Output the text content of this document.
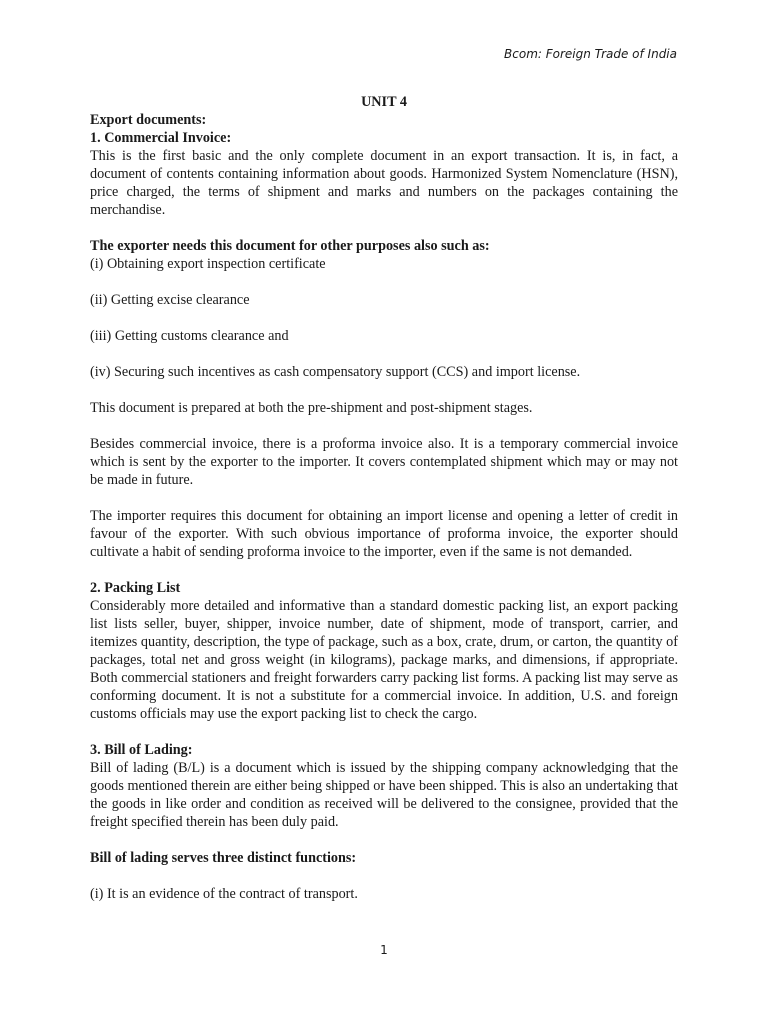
Bcom: Foreign Trade of India

UNIT 4

Export documents:

1. Commercial Invoice:

This is the first basic and the only complete document in an export transaction. It is, in fact, a document of contents containing information about goods. Harmonized System Nomenclature (HSN), price charged, the terms of shipment and marks and numbers on the packages containing the merchandise.

The exporter needs this document for other purposes also such as:

(i) Obtaining export inspection certificate

(ii) Getting excise clearance

(iii) Getting customs clearance and

(iv) Securing such incentives as cash compensatory support (CCS) and import license.

This document is prepared at both the pre-shipment and post-shipment stages.

Besides commercial invoice, there is a proforma invoice also. It is a temporary commercial invoice which is sent by the exporter to the importer. It covers contemplated shipment which may or may not be made in future.

The importer requires this document for obtaining an import license and opening a letter of credit in favour of the exporter. With such obvious importance of proforma invoice, the exporter should cultivate a habit of sending proforma invoice to the importer, even if the same is not demanded.

2. Packing List

Considerably more detailed and informative than a standard domestic packing list, an export packing list lists seller, buyer, shipper, invoice number, date of shipment, mode of transport, carrier, and itemizes quantity, description, the type of package, such as a box, crate, drum, or carton, the quantity of packages, total net and gross weight (in kilograms), package marks, and dimensions, if appropriate. Both commercial stationers and freight forwarders carry packing list forms. A packing list may serve as conforming document. It is not a substitute for a commercial invoice. In addition, U.S. and foreign customs officials may use the export packing list to check the cargo.

3. Bill of Lading:

Bill of lading (B/L) is a document which is issued by the shipping company acknowledging that the goods mentioned therein are either being shipped or have been shipped. This is also an undertaking that the goods in like order and condition as received will be delivered to the consignee, provided that the freight specified therein has been duly paid.

Bill of lading serves three distinct functions:

(i) It is an evidence of the contract of transport.

1
